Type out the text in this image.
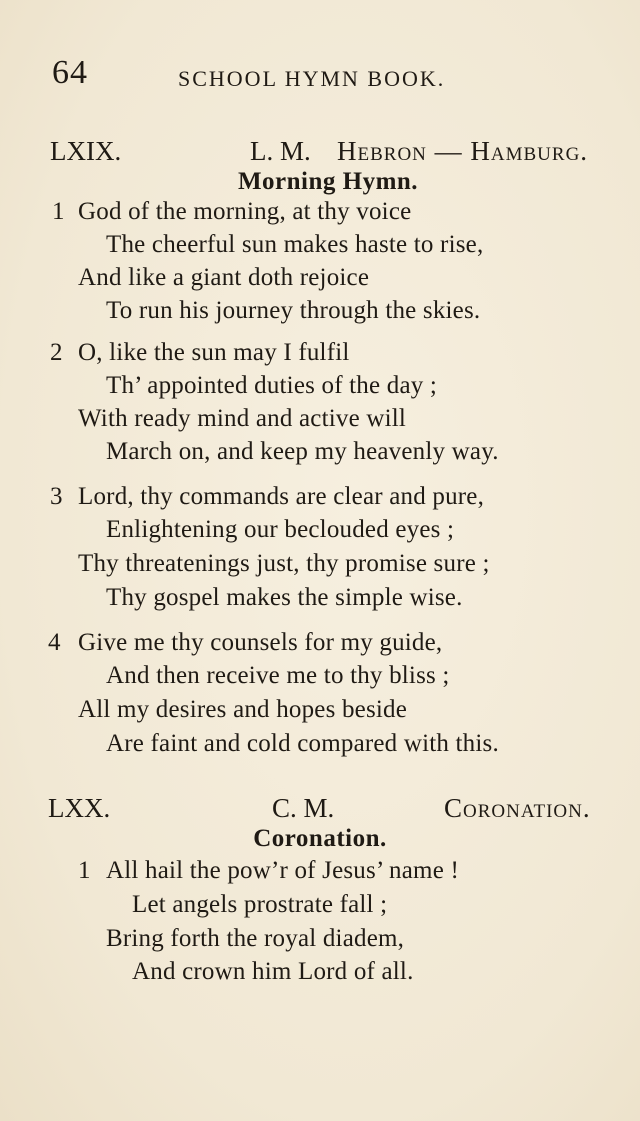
64	SCHOOL HYMN BOOK.
LXIX.	L. M. Hebron — Hamburg.
Morning Hymn.
1 God of the morning, at thy voice
The cheerful sun makes haste to rise,
And like a giant doth rejoice
To run his journey through the skies.
2 O, like the sun may I fulfil
Th’ appointed duties of the day ;
With ready mind and active will
March on, and keep my heavenly way.
3 Lord, thy commands are clear and pure,
Enlightening our beclouded eyes ;
Thy threatenings just, thy promise sure ;
Thy gospel makes the simple wise.
4 Give me thy counsels for my guide,
And then receive me to thy bliss ;
All my desires and hopes beside
Are faint and cold compared with this.
LXX.	C. M.	Coronation.
Coronation.
1 All hail the pow’r of Jesus’ name !
Let angels prostrate fall ;
Bring forth the royal diadem,
And crown him Lord of all.
